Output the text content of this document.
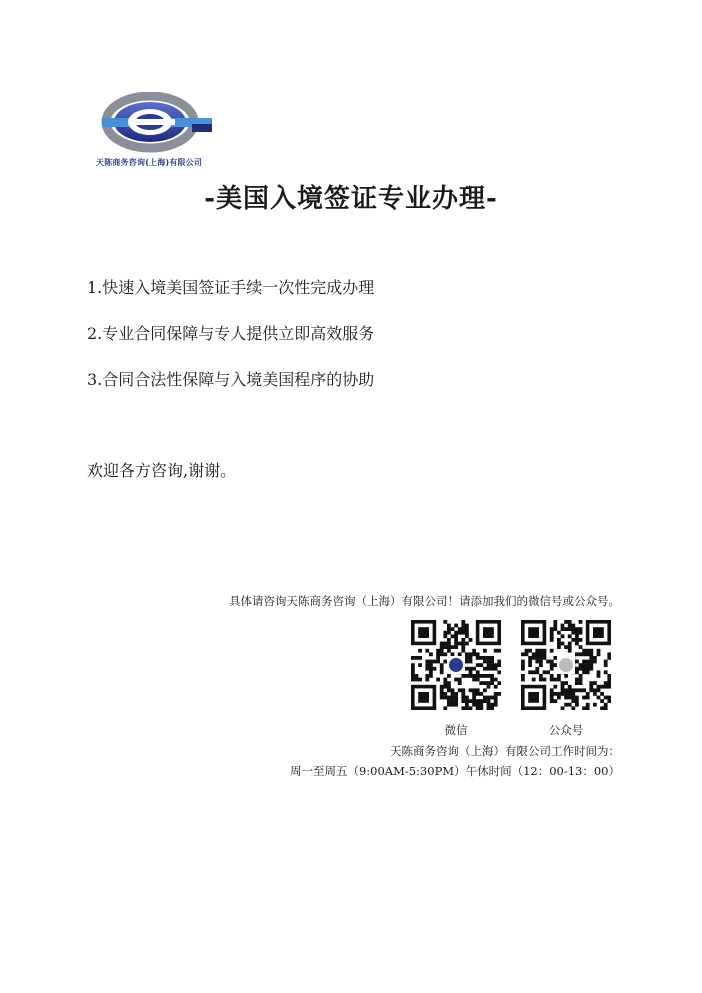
天陈商务咨询(上海)有限公司
-美国入境签证专业办理-
1.快速入境美国签证手续一次性完成办理
2.专业合同保障与专人提供立即高效服务
3.合同合法性保障与入境美国程序的协助
欢迎各方咨询,谢谢。
具体请咨询天陈商务咨询（上海）有限公司！请添加我们的微信号或公众号。
微信	公众号
天陈商务咨询（上海）有限公司工作时间为：
周一至周五（9:00AM-5:30PM）午休时间（12：00-13：00）
